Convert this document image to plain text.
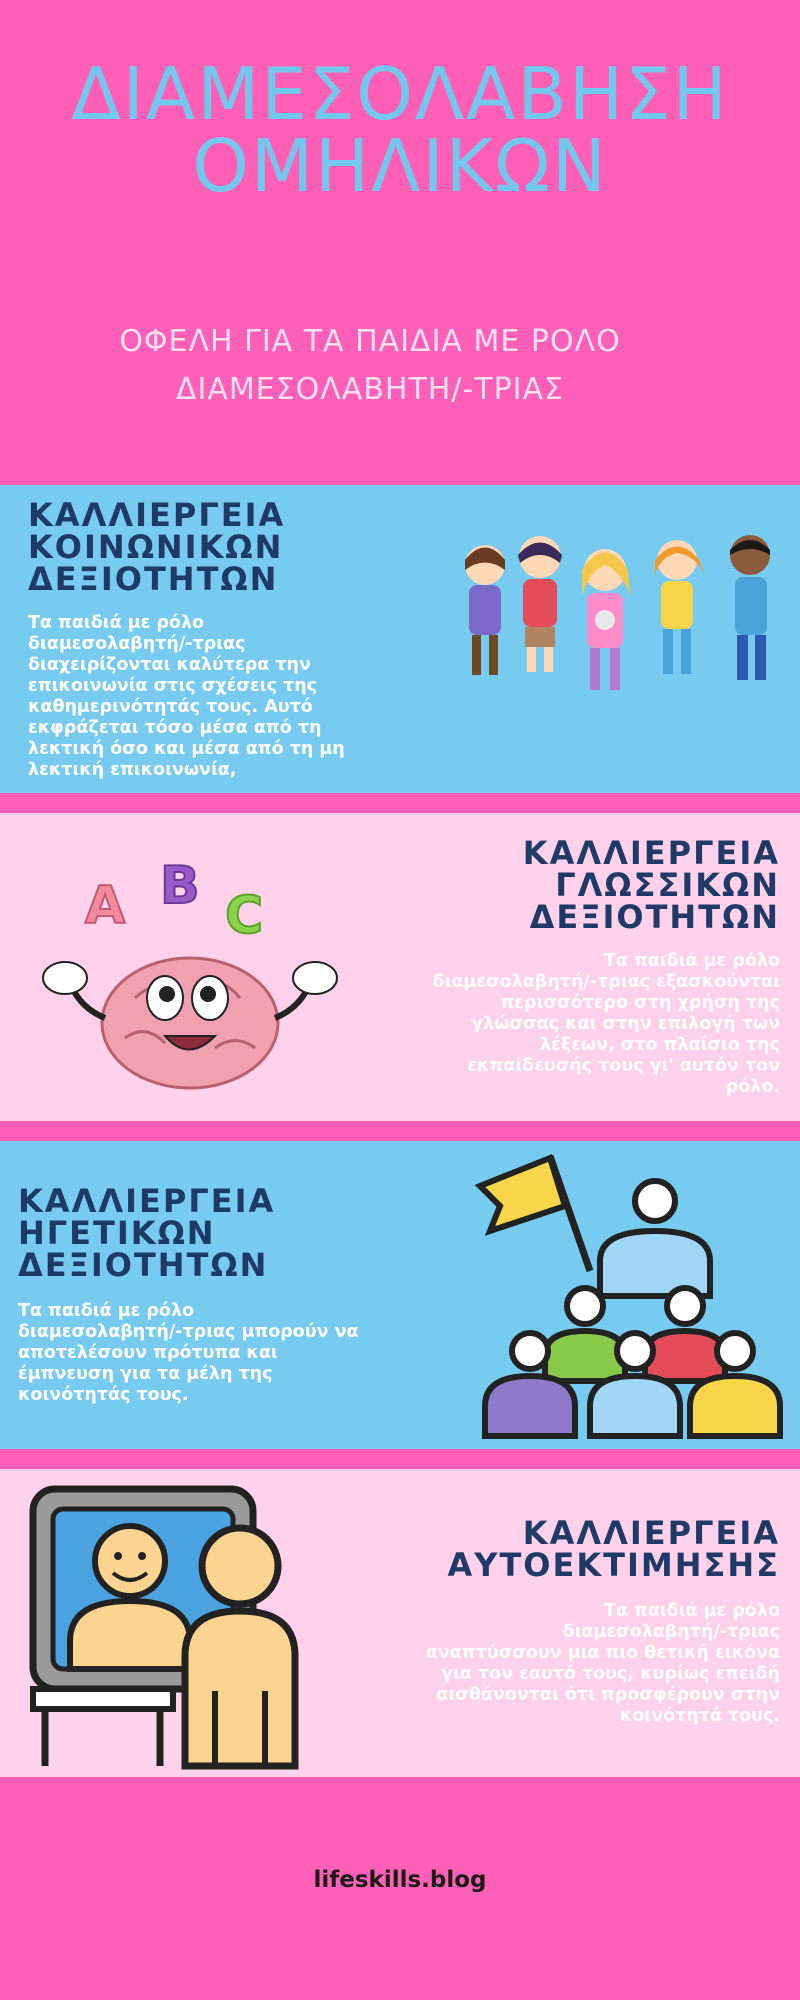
ΔΙΑΜΕΣΟΛΑΒΗΣΗ
ΟΜΗΛΙΚΩΝ
ΟΦΕΛΗ ΓΙΑ ΤΑ ΠΑΙΔΙΑ ΜΕ ΡΟΛΟ ΔΙΑΜΕΣΟΛΑΒΗΤΗ/-ΤΡΙΑΣ
ΚΑΛΛΙΕΡΓΕΙΑ
ΚΟΙΝΩΝΙΚΩΝ
ΔΕΞΙΟΤΗΤΩΝ
Τα παιδιά με ρόλο
διαμεσολαβητή/-τριας
διαχειρίζονται καλύτερα την
επικοινωνία στις σχέσεις της
καθημερινότητάς τους. Αυτό
εκφράζεται τόσο μέσα από τη
λεκτική όσο και μέσα από τη μη
λεκτική επικοινωνία,
ΚΑΛΛΙΕΡΓΕΙΑ
ΓΛΩΣΣΙΚΩΝ
ΔΕΞΙΟΤΗΤΩΝ
Τα παιδιά με ρόλο
διαμεσολαβητή/-τριας εξασκούνται
περισσότερο στη χρήση της
γλώσσας και στην επιλογή των
λέξεων, στο πλαίσιο της
εκπαίδευσής τους γι' αυτόν τον
ρόλο.
A B C
ΚΑΛΛΙΕΡΓΕΙΑ
ΗΓΕΤΙΚΩΝ
ΔΕΞΙΟΤΗΤΩΝ
Τα παιδιά με ρόλο
διαμεσολαβητή/-τριας μπορούν να
αποτελέσουν πρότυπα και
έμπνευση για τα μέλη της
κοινότητάς τους.
ΚΑΛΛΙΕΡΓΕΙΑ
ΑΥΤΟΕΚΤΙΜΗΣΗΣ
Τα παιδιά με ρόλο
διαμεσολαβητή/-τριας
αναπτύσσουν μια πιο θετική εικόνα
για τον εαυτό τους, κυρίως επειδή
αισθάνονται ότι προσφέρουν στην
κοινότητά τους.
lifeskills.blog
